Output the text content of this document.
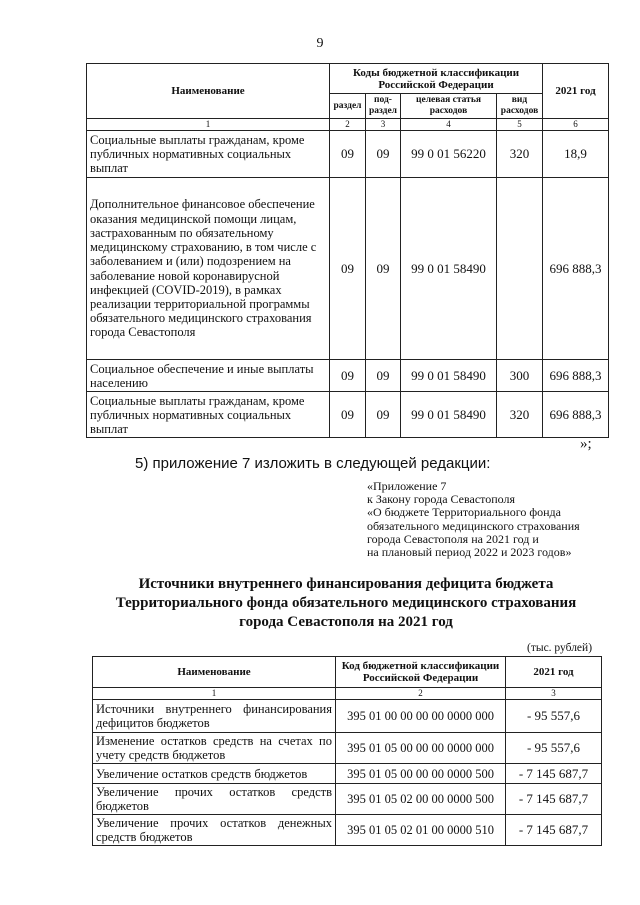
9
Наименование	Коды бюджетной классификации Российской Федерации				2021 год
	раздел	под-раздел	целевая статья расходов	вид расходов	
1	2	3	4	5	6
Социальные выплаты гражданам, кроме публичных нормативных социальных выплат	09	09	99 0 01 56220	320	18,9
Дополнительное финансовое обеспечение оказания медицинской помощи лицам, застрахованным по обязательному медицинскому страхованию, в том числе с заболеванием и (или) подозрением на заболевание новой коронавирусной инфекцией (COVID-2019), в рамках реализации территориальной программы обязательного медицинского страхования города Севастополя	09	09	99 0 01 58490		696 888,3
Социальное обеспечение и иные выплаты населению	09	09	99 0 01 58490	300	696 888,3
Социальные выплаты гражданам, кроме публичных нормативных социальных выплат	09	09	99 0 01 58490	320	696 888,3
»;
5) приложение 7 изложить в следующей редакции:
«Приложение 7
к Закону города Севастополя
«О бюджете Территориального фонда
обязательного медицинского страхования
города Севастополя на 2021 год и
на плановый период 2022 и 2023 годов»
Источники внутреннего финансирования дефицита бюджета
Территориального фонда обязательного медицинского страхования
города Севастополя на 2021 год
(тыс. рублей)
Наименование	Код бюджетной классификации Российской Федерации	2021 год
1	2	3
Источники внутреннего финансирования дефицитов бюджетов	395 01 00 00 00 00 0000 000	- 95 557,6
Изменение остатков средств на счетах по учету средств бюджетов	395 01 05 00 00 00 0000 000	- 95 557,6
Увеличение остатков средств бюджетов	395 01 05 00 00 00 0000 500	- 7 145 687,7
Увеличение прочих остатков средств бюджетов	395 01 05 02 00 00 0000 500	- 7 145 687,7
Увеличение прочих остатков денежных средств бюджетов	395 01 05 02 01 00 0000 510	- 7 145 687,7
